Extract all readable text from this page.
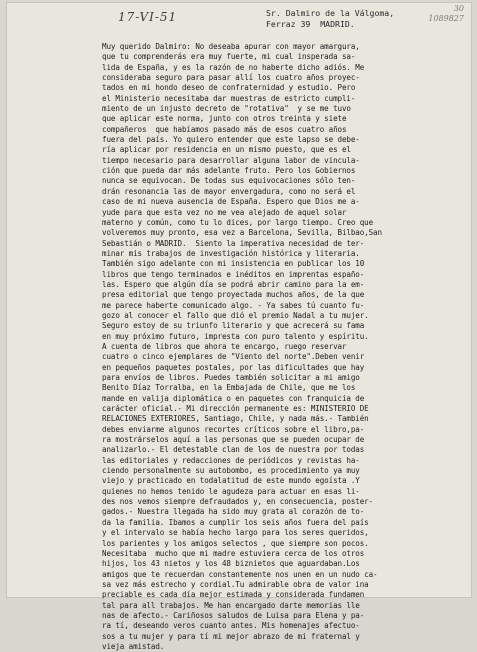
17-VI-51	Sr. Dalmiro de la Válgoma,
Ferraz 39  MADRID.
30
1089827
Muy querido Dalmiro: No deseaba apurar con mayor amargura,
que tu comprenderás era muy fuerte, mi cual insperada sa-
lida de España, y es la razón de no haberte dicho adiós. Me
consideraba seguro para pasar allí los cuatro años proyec-
tados en mi hondo deseo de confraternidad y estudio. Pero
el Ministerio necesitaba dar muestras de estricto cumpli-
miento de un injusto decreto de "rotativa"  y se me tuvo
que aplicar este norma, junto con otros treinta y siete
compañeros  que habíamos pasado más de esos cuatro años
fuera del país. Yo quiero entender que este lapso se debe-
ría aplicar por residencia en un mismo puesto, que es el
tiempo necesario para desarrollar alguna labor de vincula-
ción que pueda dar más adelante fruto. Pero los Gobiernos
nunca se equivocan. De todas sus equivocaciones sólo ten-
drán resonancia las de mayor envergadura, como no será el
caso de mi nueva ausencia de España. Espero que Dios me a-
yude para que esta vez no me vea alejado de aquel solar
materno y común, como tu lo dices, por largo tiempo. Creo que
volveremos muy pronto, esa vez a Barcelona, Sevilla, Bilbao,San
Sebastián o MADRID.  Siento la imperativa necesidad de ter-
minar mis trabajos de investigación histórica y literaria.
También sigo adelante con mi insistencia en publicar los 10
libros que tengo terminados e inéditos en imprentas españo-
las. Espero que algún día se podrá abrir camino para la em-
presa editorial que tengo proyectada muchos años, de la que
me parece haberte comunicado algo. - Ya sabes tú cuanto fu-
gozo al conocer el fallo que dió el premio Nadal a tu mujer.
Seguro estoy de su triunfo literario y que acrecerá su fama
en muy próximo futuro, impresta con puro talento y espíritu.
A cuenta de libros que ahora te encargo, ruego reservar
cuatro o cinco ejemplares de "Viento del norte".Deben venir
en pequeños paquetes postales, por las dificultades que hay
para envíos de libros. Puedes también solicitar a mi amigo
Benito Díaz Torralba, en la Embajada de Chile, que me los
mande en valija diplomática o en paquetes con franquicia de
carácter oficial.- Mi dirección permanente es: MINISTERIO DE
RELACIONES EXTERIORES, Santiago, Chile, y nada más.- También
debes enviarme algunos recortes críticos sobre el libro,pa-
ra mostrárselos aquí a las personas que se pueden ocupar de
analizarlo.- El detestable clan de los de nuestra por todas
las editoriales y redacciones de periódicos y revistas ha-
ciendo personalmente su autobombo, es procedimiento ya muy
viejo y practicado en todalatitud de este mundo egoísta .Y
quienes no hemos tenido le agudeza para actuar en esas li-
des nos vemos siempre defraudados y, en consecuencia, poster-
gados.- Nuestra llegada ha sido muy grata al corazón de to-
da la familia. Ibamos a cumplir los seis años fuera del país
y el intervalo se había hecho largo para los seres queridos,
los parientes y los amigos selectos , que siempre son pocos.
Necesitaba  mucho que mi madre estuviera cerca de los otros
hijos, los 43 nietos y los 48 biznietos que aguardaban.Los
amigos que te recuerdan constantemente nos unen en un nudo ca-
sa vez más estrecho y cordial.Tu admirable obra de valor ina
preciable es cada día mejor estimada y considerada fundamen
tal para all trabajos. Me han encargado darte memorias lle
nas de afecto.- Cariñosos saludos de Luisa para Elena y pa-
ra tí, deseando veros cuanto antes. Mis homenajes afectuo-
sos a tu mujer y para tí mi mejor abrazo de mi fraternal y
vieja amistad.
